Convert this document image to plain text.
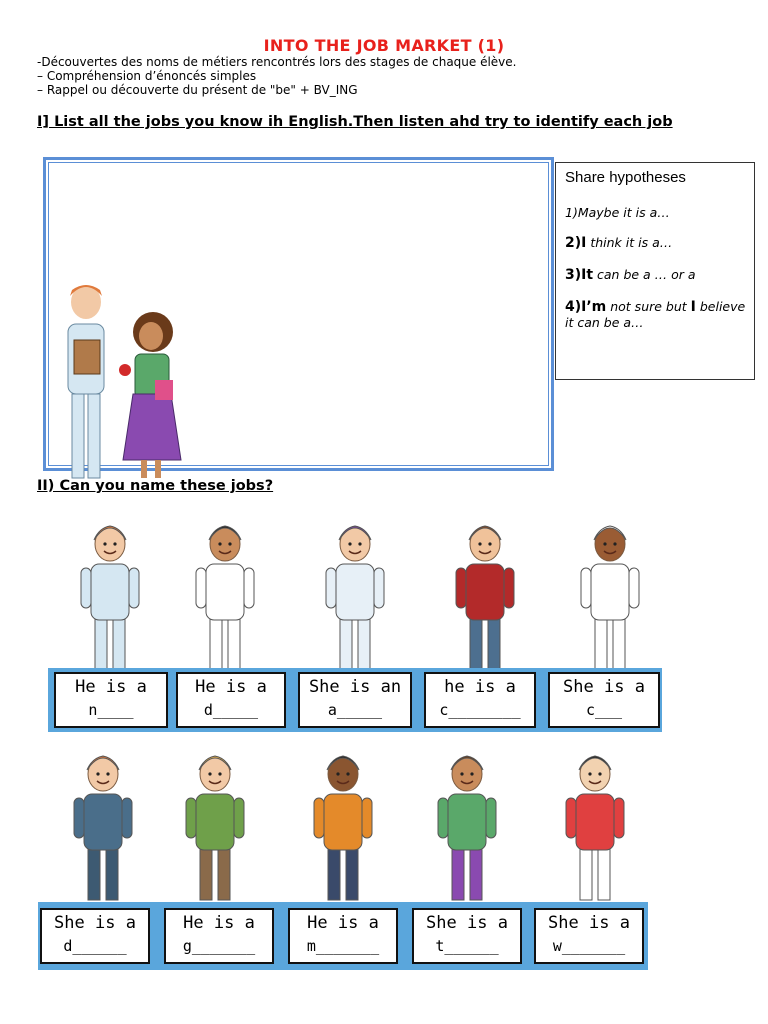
INTO THE JOB MARKET (1)
-Découvertes des noms de métiers rencontrés lors des stages de chaque élève.
– Compréhension d’énoncés simples
– Rappel ou découverte du présent de "be" + BV_ING
I] List all the jobs you know ih English.Then listen ahd try to identify each job
Share hypotheses
1)Maybe it is a…
2)I think it is a…
3)It can be a … or a
4)I’m not sure but I believe it can be a…
II) Can you name these jobs?
He is a
n____
He is a
d_____
She is an
a_____
he is a
c________
She is a
c___
She is a
d______
He is a
g_______
He is a
m_______
She is a
t______
She is a
w_______
